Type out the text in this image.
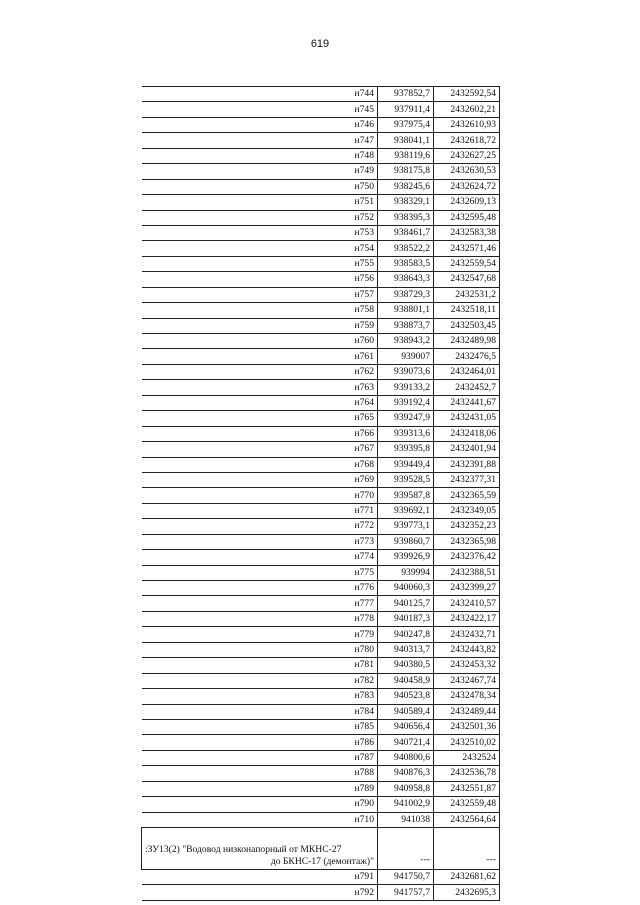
619
н744	937852,7	2432592,54
н745	937911,4	2432602,21
н746	937975,4	2432610,93
н747	938041,1	2432618,72
н748	938119,6	2432627,25
н749	938175,8	2432630,53
н750	938245,6	2432624,72
н751	938329,1	2432609,13
н752	938395,3	2432595,48
н753	938461,7	2432583,38
н754	938522,2	2432571,46
н755	938583,5	2432559,54
н756	938643,3	2432547,68
н757	938729,3	2432531,2
н758	938801,1	2432518,11
н759	938873,7	2432503,45
н760	938943,2	2432489,98
н761	939007	2432476,5
н762	939073,6	2432464,01
н763	939133,2	2432452,7
н764	939192,4	2432441,67
н765	939247,9	2432431,05
н766	939313,6	2432418,06
н767	939395,8	2432401,94
н768	939449,4	2432391,88
н769	939528,5	2432377,31
н770	939587,8	2432365,59
н771	939692,1	2432349,05
н772	939773,1	2432352,23
н773	939860,7	2432365,98
н774	939926,9	2432376,42
н775	939994	2432388,51
н776	940060,3	2432399,27
н777	940125,7	2432410,57
н778	940187,3	2432422,17
н779	940247,8	2432432,71
н780	940313,7	2432443,82
н781	940380,5	2432453,32
н782	940458,9	2432467,74
н783	940523,8	2432478,34
н784	940589,4	2432489,44
н785	940656,4	2432501,36
н786	940721,4	2432510,02
н787	940800,6	2432524
н788	940876,3	2432536,78
н789	940958,8	2432551,87
н790	941002,9	2432559,48
н710	941038	2432564,64

:ЗУ13(2) "Водовод низконапорный от МКНС-27
до БКНС-17 (демонтаж)"	---	---
н791	941750,7	2432681,62
н792	941757,7	2432695,3
